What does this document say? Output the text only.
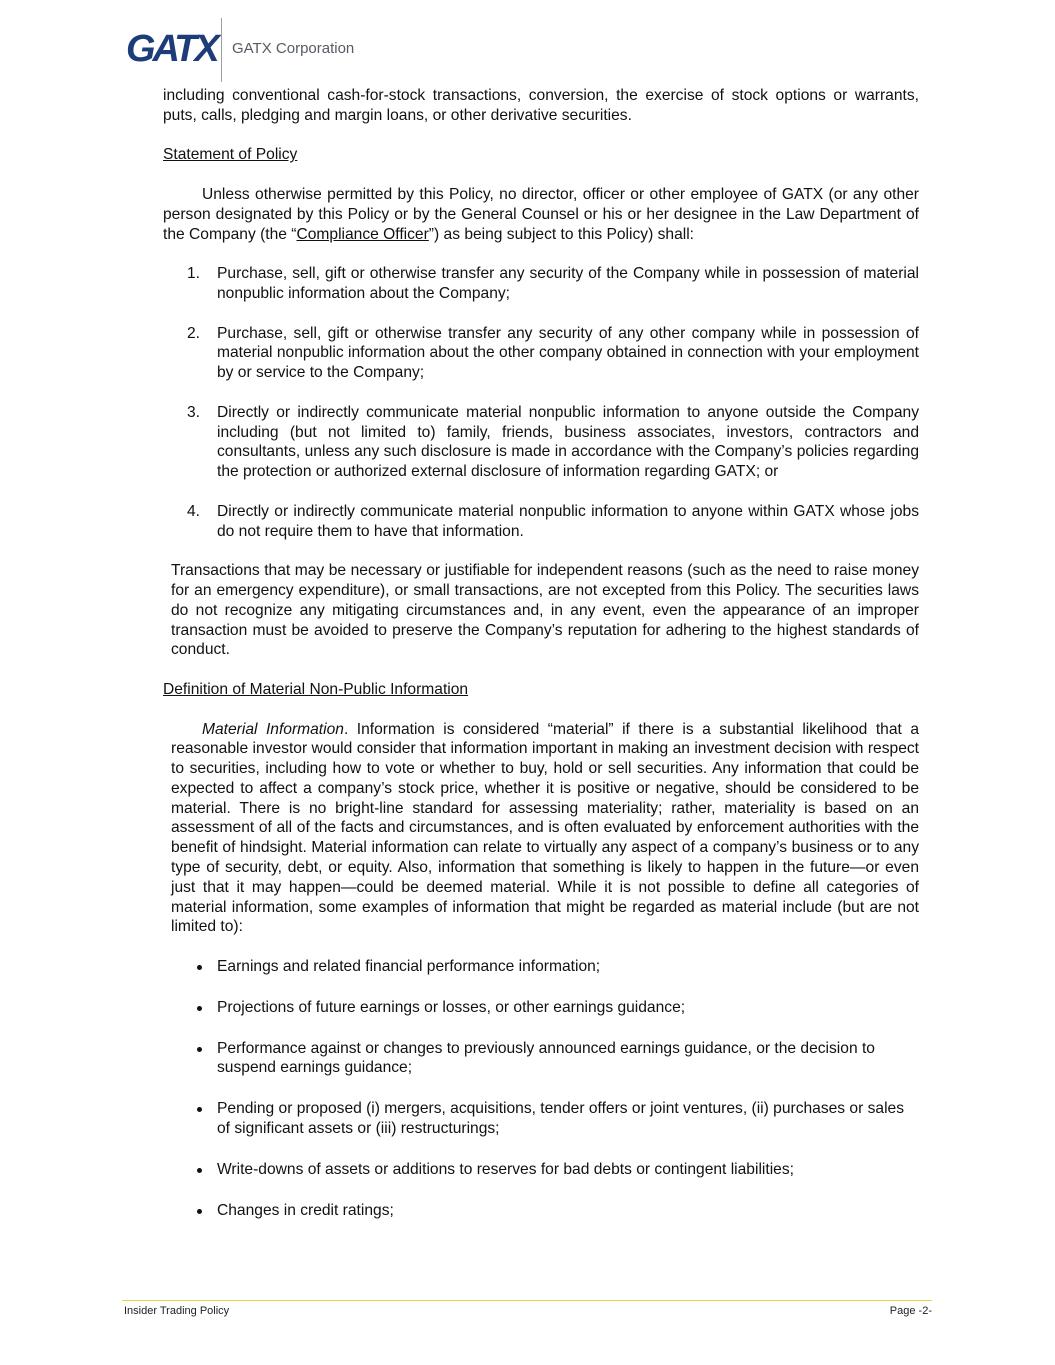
GATX GATX Corporation

including conventional cash-for-stock transactions, conversion, the exercise of stock options or warrants, puts, calls, pledging and margin loans, or other derivative securities.

Statement of Policy

Unless otherwise permitted by this Policy, no director, officer or other employee of GATX (or any other person designated by this Policy or by the General Counsel or his or her designee in the Law Department of the Company (the “Compliance Officer”) as being subject to this Policy) shall:

1.	Purchase, sell, gift or otherwise transfer any security of the Company while in possession of material nonpublic information about the Company;
2.	Purchase, sell, gift or otherwise transfer any security of any other company while in possession of material nonpublic information about the other company obtained in connection with your employment by or service to the Company;
3.	Directly or indirectly communicate material nonpublic information to anyone outside the Company including (but not limited to) family, friends, business associates, investors, contractors and consultants, unless any such disclosure is made in accordance with the Company’s policies regarding the protection or authorized external disclosure of information regarding GATX; or
4.	Directly or indirectly communicate material nonpublic information to anyone within GATX whose jobs do not require them to have that information.

Transactions that may be necessary or justifiable for independent reasons (such as the need to raise money for an emergency expenditure), or small transactions, are not excepted from this Policy. The securities laws do not recognize any mitigating circumstances and, in any event, even the appearance of an improper transaction must be avoided to preserve the Company’s reputation for adhering to the highest standards of conduct.

Definition of Material Non-Public Information

Material Information. Information is considered “material” if there is a substantial likelihood that a reasonable investor would consider that information important in making an investment decision with respect to securities, including how to vote or whether to buy, hold or sell securities. Any information that could be expected to affect a company’s stock price, whether it is positive or negative, should be considered to be material. There is no bright-line standard for assessing materiality; rather, materiality is based on an assessment of all of the facts and circumstances, and is often evaluated by enforcement authorities with the benefit of hindsight. Material information can relate to virtually any aspect of a company’s business or to any type of security, debt, or equity. Also, information that something is likely to happen in the future—or even just that it may happen—could be deemed material. While it is not possible to define all categories of material information, some examples of information that might be regarded as material include (but are not limited to):

Earnings and related financial performance information;
Projections of future earnings or losses, or other earnings guidance;
Performance against or changes to previously announced earnings guidance, or the decision to suspend earnings guidance;
Pending or proposed (i) mergers, acquisitions, tender offers or joint ventures, (ii) purchases or sales of significant assets or (iii) restructurings;
Write-downs of assets or additions to reserves for bad debts or contingent liabilities;
Changes in credit ratings;
Insider Trading Policy	Page -2-
